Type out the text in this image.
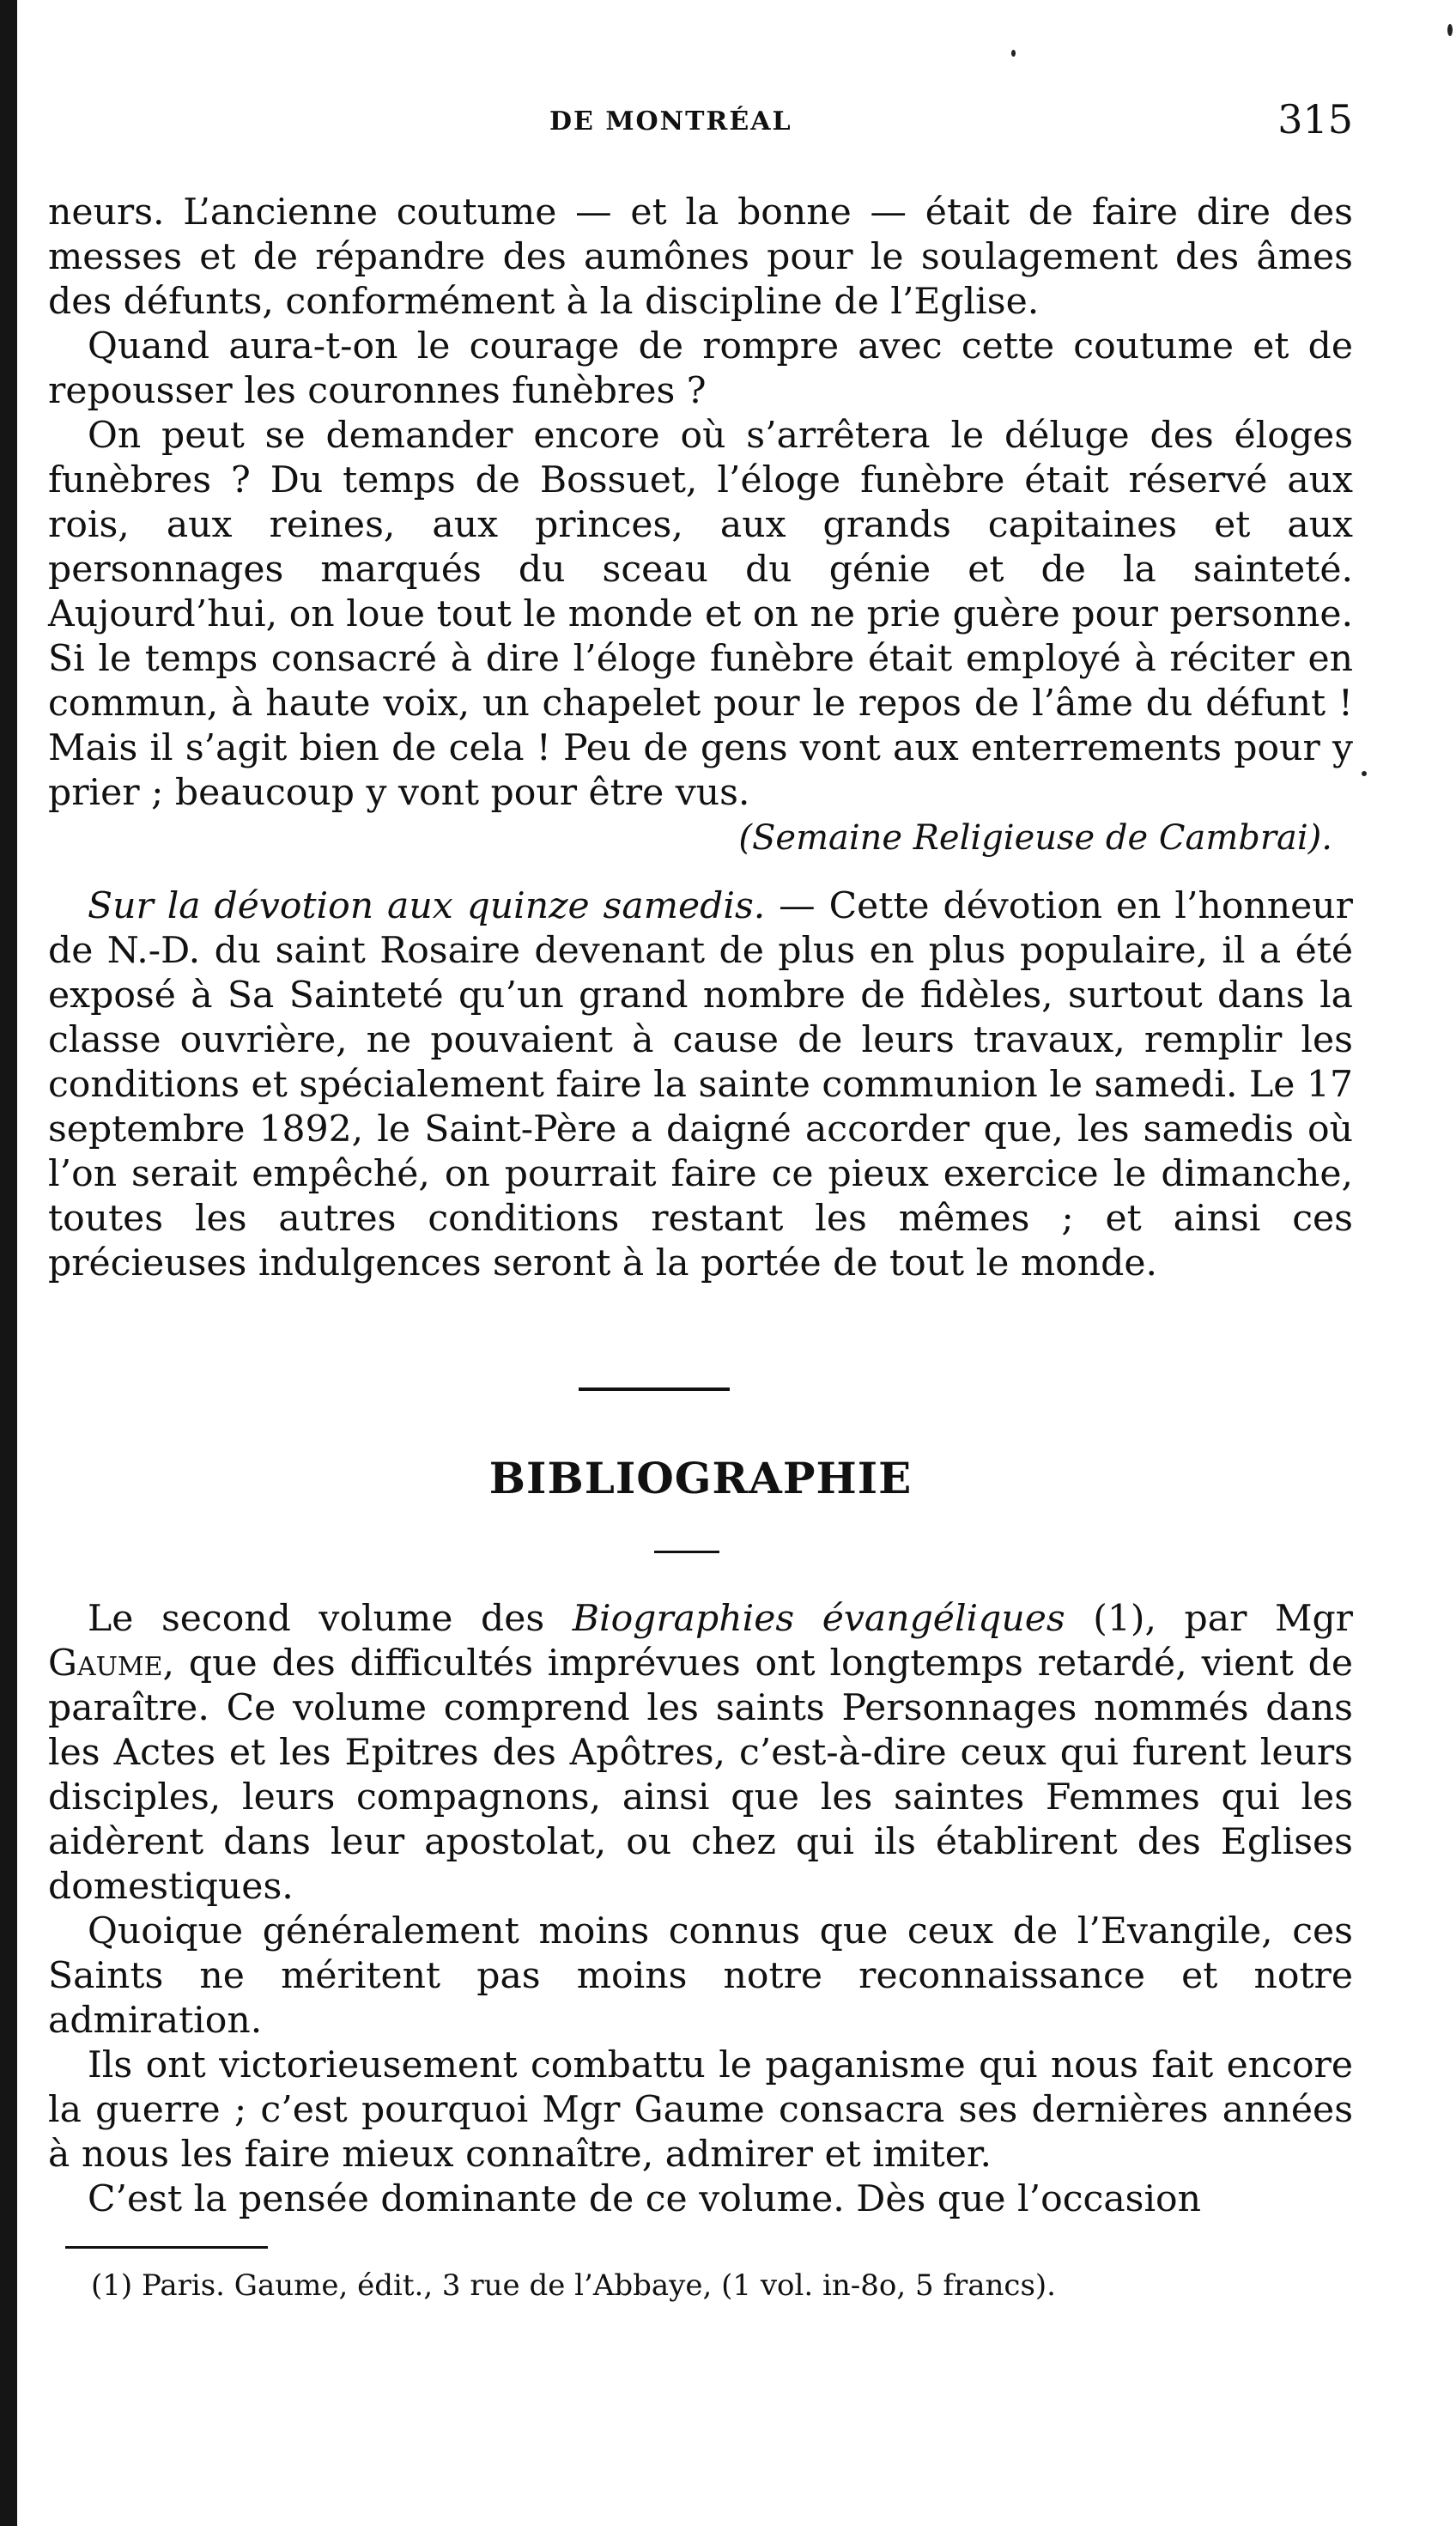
DE MONTRÉAL	315

neurs. L’ancienne coutume — et la bonne — était de faire dire des messes et de répandre des aumônes pour le soulagement des âmes des défunts, conformément à la discipline de l’Eglise.

Quand aura-t-on le courage de rompre avec cette coutume et de repousser les couronnes funèbres ?

On peut se demander encore où s’arrêtera le déluge des éloges funèbres ? Du temps de Bossuet, l’éloge funèbre était réservé aux rois, aux reines, aux princes, aux grands capitaines et aux personnages marqués du sceau du génie et de la sainteté. Aujourd’hui, on loue tout le monde et on ne prie guère pour personne. Si le temps consacré à dire l’éloge funèbre était employé à réciter en commun, à haute voix, un chapelet pour le repos de l’âme du défunt ! Mais il s’agit bien de cela ! Peu de gens vont aux enterrements pour y prier ; beaucoup y vont pour être vus.

(Semaine Religieuse de Cambrai).

Sur la dévotion aux quinze samedis. — Cette dévotion en l’honneur de N.-D. du saint Rosaire devenant de plus en plus populaire, il a été exposé à Sa Sainteté qu’un grand nombre de fidèles, surtout dans la classe ouvrière, ne pouvaient à cause de leurs travaux, remplir les conditions et spécialement faire la sainte communion le samedi. Le 17 septembre 1892, le Saint-Père a daigné accorder que, les samedis où l’on serait empêché, on pourrait faire ce pieux exercice le dimanche, toutes les autres conditions restant les mêmes ; et ainsi ces précieuses indulgences seront à la portée de tout le monde.

BIBLIOGRAPHIE

Le second volume des Biographies évangéliques (1), par Mgr Gaume, que des difficultés imprévues ont longtemps retardé, vient de paraître. Ce volume comprend les saints Personnages nommés dans les Actes et les Epitres des Apôtres, c’est-à-dire ceux qui furent leurs disciples, leurs compagnons, ainsi que les saintes Femmes qui les aidèrent dans leur apostolat, ou chez qui ils établirent des Eglises domestiques.

Quoique généralement moins connus que ceux de l’Evangile, ces Saints ne méritent pas moins notre reconnaissance et notre admiration.

Ils ont victorieusement combattu le paganisme qui nous fait encore la guerre ; c’est pourquoi Mgr Gaume consacra ses dernières années à nous les faire mieux connaître, admirer et imiter.

C’est la pensée dominante de ce volume. Dès que l’occasion

(1) Paris. Gaume, édit., 3 rue de l’Abbaye, (1 vol. in-8o, 5 francs).
